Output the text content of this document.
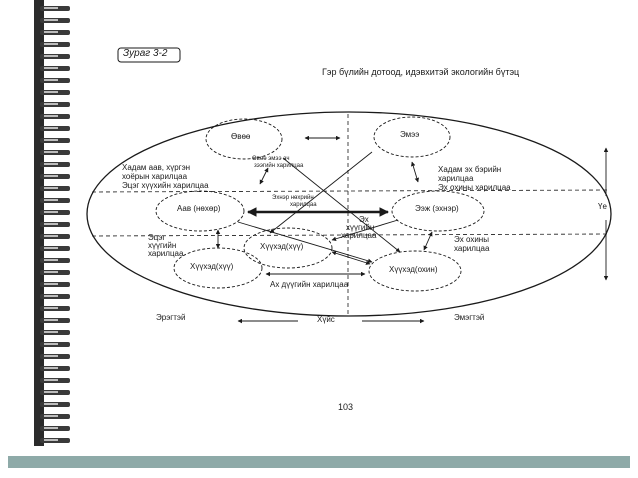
Зураг 3-2
Гэр бүлийн дотоод, идэвхитэй экологийн бүтэц
Өвөө	Эмээ
Аав (нөхөр)	Ээж (эхнэр)
Хүүхэд(хүү)
Хүүхэд(хүү)	Хүүхэд(охин)
Өвөө эмээ ач
зээгийн харилцаа
Хадам аав, хүргэн
хоёрын харилцаа
Эцэг хүүхийн харилцаа
Хадам эх бэрийн
харилцаа
Эх охины харилцаа
Эхнэр нөхрийн
харилцаа
Эх
хүүгийн
харилцаа
Эцэг
хүүгийн
харилцаа
Эх охины
харилцаа
Ах дүүгийн харилцаа
Эрэгтэй	Хүйс	Эмэгтэй
Үе
103
